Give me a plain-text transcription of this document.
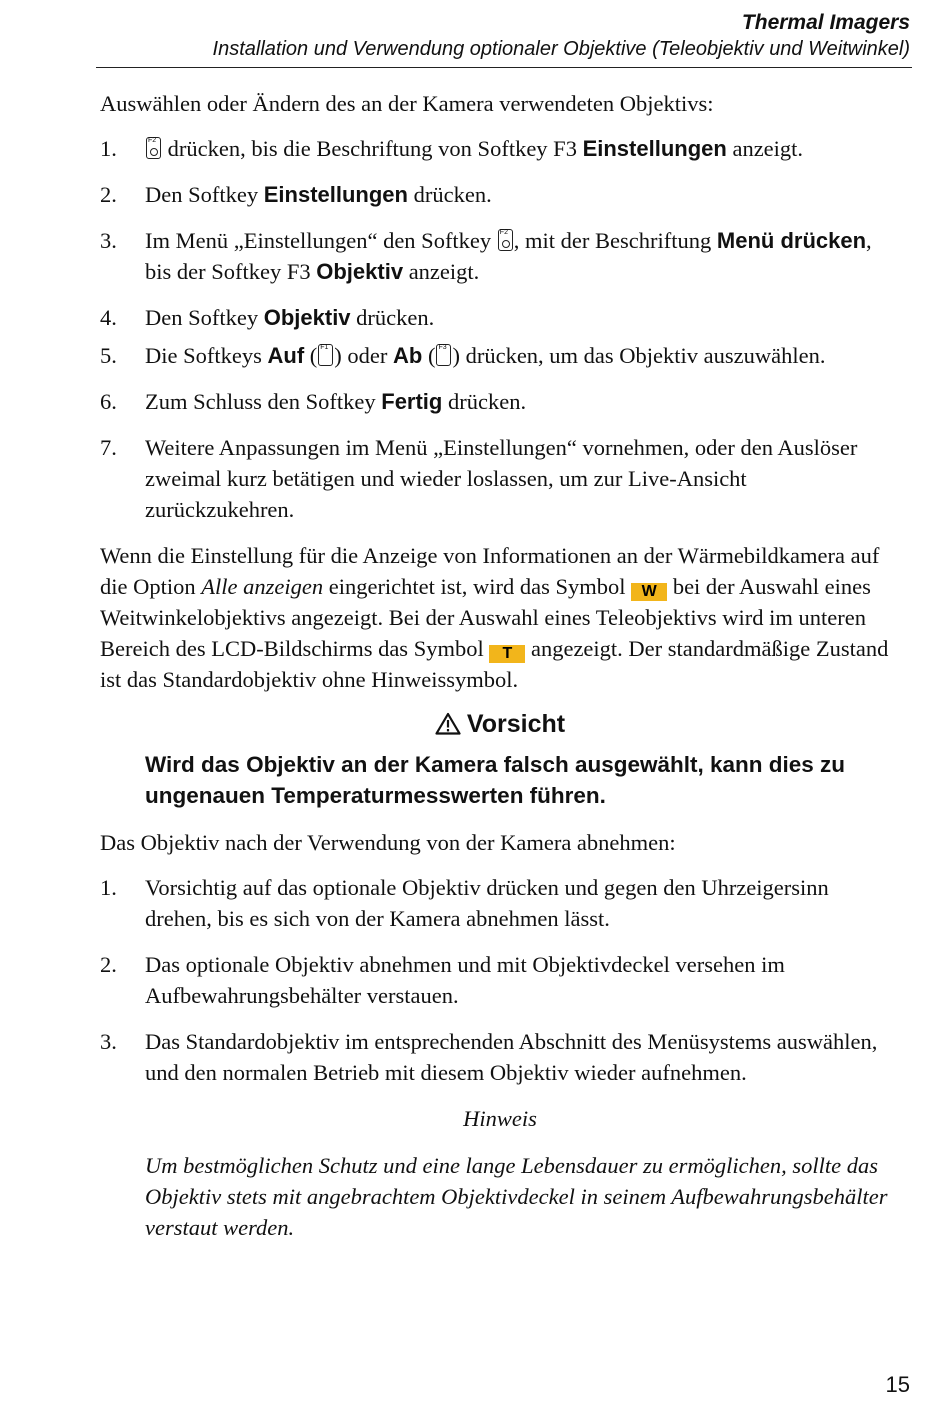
Thermal Imagers
Installation und Verwendung optionaler Objektive (Teleobjektiv und Weitwinkel)

Auswählen oder Ändern des an der Kamera verwendeten Objektivs:

1.	F2 drücken, bis die Beschriftung von Softkey F3 Einstellungen anzeigt.
2.	Den Softkey Einstellungen drücken.
3.	Im Menü „Einstellungen“ den Softkey F2 , mit der Beschriftung Menü drücken, bis der Softkey F3 Objektiv anzeigt.
4.	Den Softkey Objektiv drücken.
5.	Die Softkeys Auf ( F1 ) oder Ab ( F3 ) drücken, um das Objektiv auszuwählen.
6.	Zum Schluss den Softkey Fertig drücken.
7.	Weitere Anpassungen im Menü „Einstellungen“ vornehmen, oder den Auslöser zweimal kurz betätigen und wieder loslassen, um zur Live-Ansicht zurückzukehren.

Wenn die Einstellung für die Anzeige von Informationen an der Wärmebildkamera auf die Option Alle anzeigen eingerichtet ist, wird das Symbol W bei der Auswahl eines Weitwinkelobjektivs angezeigt. Bei der Auswahl eines Teleobjektivs wird im unteren Bereich des LCD-Bildschirms das Symbol T angezeigt. Der standardmäßige Zustand ist das Standardobjektiv ohne Hinweissymbol.

Vorsicht

Wird das Objektiv an der Kamera falsch ausgewählt, kann dies zu ungenauen Temperaturmesswerten führen.

Das Objektiv nach der Verwendung von der Kamera abnehmen:

1.	Vorsichtig auf das optionale Objektiv drücken und gegen den Uhrzeigersinn drehen, bis es sich von der Kamera abnehmen lässt.
2.	Das optionale Objektiv abnehmen und mit Objektivdeckel versehen im Aufbewahrungsbehälter verstauen.
3.	Das Standardobjektiv im entsprechenden Abschnitt des Menüsystems auswählen, und den normalen Betrieb mit diesem Objektiv wieder aufnehmen.

Hinweis

Um bestmöglichen Schutz und eine lange Lebensdauer zu ermöglichen, sollte das Objektiv stets mit angebrachtem Objektivdeckel in seinem Aufbewahrungsbehälter verstaut werden.

15
